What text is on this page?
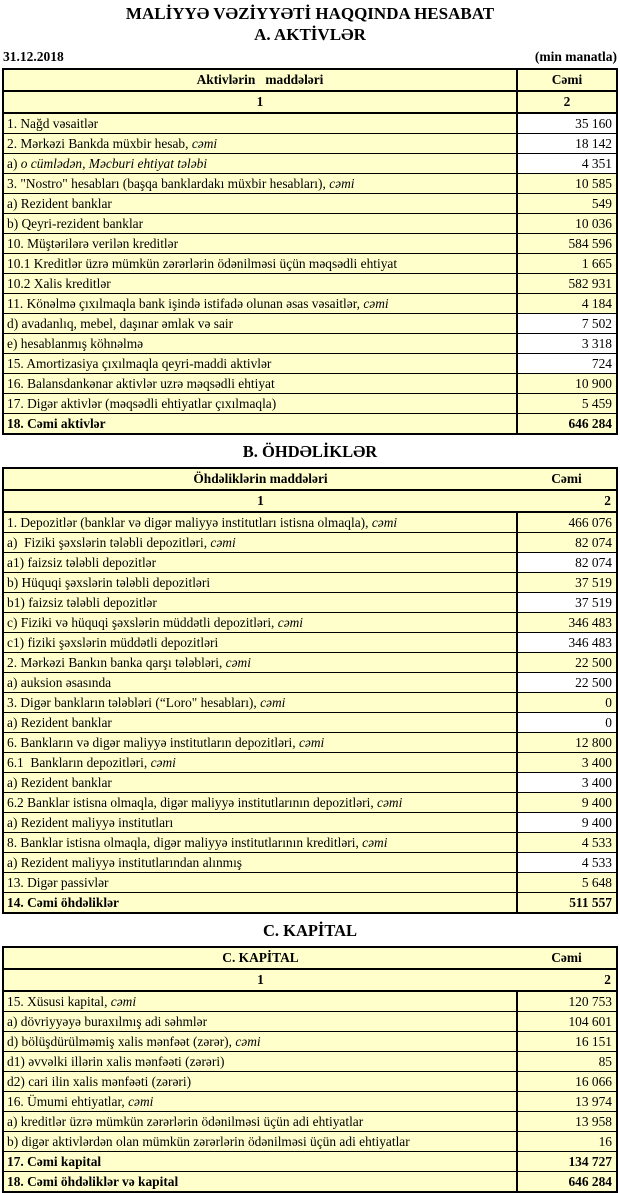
MALİYYƏ VƏZİYYƏTİ HAQQINDA HESABAT
A. AKTİVLƏR
31.12.2018	(min manatla)
Aktivlərin   maddələri	Cəmi
1	2
1. Nağd vəsaitlər	35 160
2. Mərkəzi Bankda müxbir hesab, cəmi	18 142
a) o cümlədən, Məcburi ehtiyat tələbi	4 351
3. "Nostro" hesabları (başqa banklardakı müxbir hesabları), cəmi	10 585
a) Rezident banklar	549
b) Qeyri-rezident banklar	10 036
10. Müştərilərə verilən kreditlər	584 596
10.1 Kreditlər üzrə mümkün zərərlərin ödənilməsi üçün məqsədli ehtiyat	1 665
10.2 Xalis kreditlər	582 931
11. Könəlmə çıxılmaqla bank işində istifadə olunan əsas vəsaitlər, cəmi	4 184
d) avadanlıq, mebel, daşınar əmlak və sair	7 502
e) hesablanmış köhnəlmə	3 318
15. Amortizasiya çıxılmaqla qeyri-maddi aktivlər	724
16. Balansdankənar aktivlər uzrə məqsədli ehtiyat	10 900
17. Digər aktivlər (məqsədli ehtiyatlar çıxılmaqla)	5 459
18. Cəmi aktivlər	646 284
B. ÖHDƏLİKLƏR
Öhdəliklərin maddələri	Cəmi
1	2
1. Depozitlər (banklar və digər maliyyə institutları istisna olmaqla), cəmi	466 076
a)  Fiziki şəxslərin tələbli depozitləri, cəmi	82 074
a1) faizsiz tələbli depozitlər	82 074
b) Hüquqi şəxslərin tələbli depozitləri	37 519
b1) faizsiz tələbli depozitlər	37 519
c) Fiziki və hüquqi şəxslərin müddətli depozitləri, cəmi	346 483
c1) fiziki şəxslərin müddətli depozitləri	346 483
2. Mərkəzi Bankın banka qarşı tələbləri, cəmi	22 500
a) auksion əsasında	22 500
3. Digər bankların tələbləri (“Loro" hesabları), cəmi	0
a) Rezident banklar	0
6. Bankların və digər maliyyə institutların depozitləri, cəmi	12 800
6.1  Bankların depozitləri, cəmi	3 400
a) Rezident banklar	3 400
6.2 Banklar istisna olmaqla, digər maliyyə institutlarının depozitləri, cəmi	9 400
a) Rezident maliyyə institutları	9 400
8. Banklar istisna olmaqla, digər maliyyə institutlarının kreditləri, cəmi	4 533
a) Rezident maliyyə institutlarından alınmış	4 533
13. Digər passivlər	5 648
14. Cəmi öhdəliklər	511 557
C. KAPİTAL
C. KAPİTAL	Cəmi
1	2
15. Xüsusi kapital, cəmi	120 753
a) dövriyyəyə buraxılmış adi səhmlər	104 601
d) bölüşdürülməmiş xalis mənfəət (zərər), cəmi	16 151
d1) əvvəlki illərin xalis mənfəəti (zərəri)	85
d2) cari ilin xalis mənfəəti (zərəri)	16 066
16. Ümumi ehtiyatlar, cəmi	13 974
a) kreditlər üzrə mümkün zərərlərin ödənilməsi üçün adi ehtiyatlar	13 958
b) digər aktivlərdən olan mümkün zərərlərin ödənilməsi üçün adi ehtiyatlar	16
17. Cəmi kapital	134 727
18. Cəmi öhdəliklər və kapital	646 284
